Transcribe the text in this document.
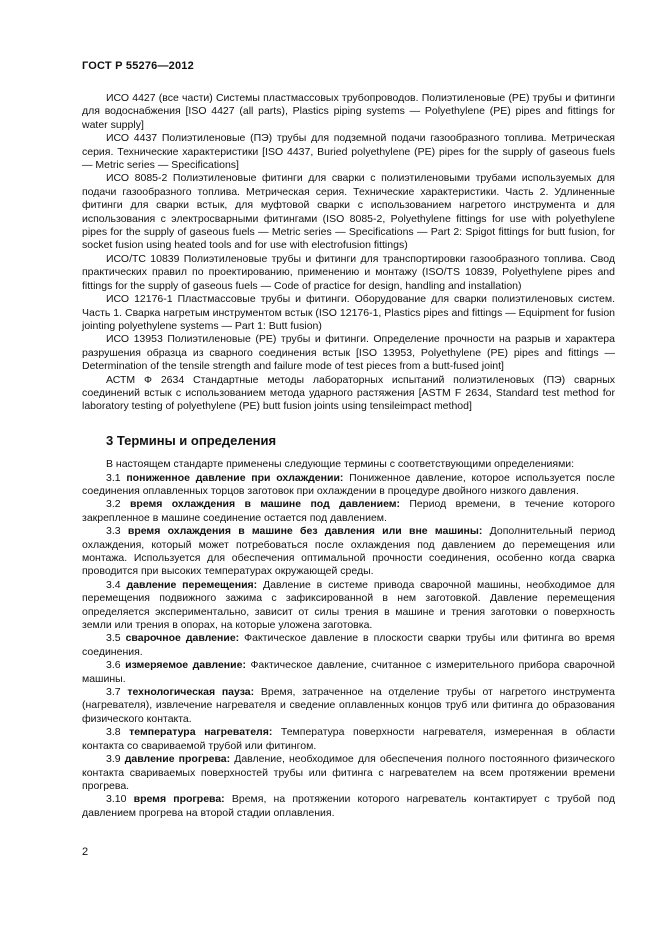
ГОСТ Р 55276—2012

ИСО 4427 (все части) Системы пластмассовых трубопроводов. Полиэтиленовые (PE) трубы и фитинги для водоснабжения [ISO 4427 (all parts), Plastics piping systems — Polyethylene (PE) pipes and fittings for water supply]

ИСО 4437 Полиэтиленовые (ПЭ) трубы для подземной подачи газообразного топлива. Метрическая серия. Технические характеристики [ISO 4437, Buried polyethylene (PE) pipes for the supply of gaseous fuels — Metric series — Specifications]

ИСО 8085-2 Полиэтиленовые фитинги для сварки с полиэтиленовыми трубами используемых для подачи газообразного топлива. Метрическая серия. Технические характеристики. Часть 2. Удлиненные фитинги для сварки встык, для муфтовой сварки с использованием нагретого инструмента и для использования с электросварными фитингами (ISO 8085-2, Polyethylene fittings for use with polyethylene pipes for the supply of gaseous fuels — Metric series — Specifications — Part 2: Spigot fittings for butt fusion, for socket fusion using heated tools and for use with electrofusion fittings)

ИСО/ТС 10839 Полиэтиленовые трубы и фитинги для транспортировки газообразного топлива. Свод практических правил по проектированию, применению и монтажу (ISO/TS 10839, Polyethylene pipes and fittings for the supply of gaseous fuels — Code of practice for design, handling and installation)

ИСО 12176-1 Пластмассовые трубы и фитинги. Оборудование для сварки полиэтиленовых систем. Часть 1. Сварка нагретым инструментом встык (ISO 12176-1, Plastics pipes and fittings — Equipment for fusion jointing polyethylene systems — Part 1: Butt fusion)

ИСО 13953 Полиэтиленовые (PE) трубы и фитинги. Определение прочности на разрыв и характера разрушения образца из сварного соединения встык [ISO 13953, Polyethylene (PE) pipes and fittings — Determination of the tensile strength and failure mode of test pieces from a butt-fused joint]

АСТМ Ф 2634 Стандартные методы лабораторных испытаний полиэтиленовых (ПЭ) сварных соединений встык с использованием метода ударного растяжения [ASTM F 2634, Standard test method for laboratory testing of polyethylene (PE) butt fusion joints using tensileimpact method]

3 Термины и определения

В настоящем стандарте применены следующие термины с соответствующими определениями:

3.1 пониженное давление при охлаждении: Пониженное давление, которое используется после соединения оплавленных торцов заготовок при охлаждении в процедуре двойного низкого давления.

3.2 время охлаждения в машине под давлением: Период времени, в течение которого закрепленное в машине соединение остается под давлением.

3.3 время охлаждения в машине без давления или вне машины: Дополнительный период охлаждения, который может потребоваться после охлаждения под давлением до перемещения или монтажа. Используется для обеспечения оптимальной прочности соединения, особенно когда сварка проводится при высоких температурах окружающей среды.

3.4 давление перемещения: Давление в системе привода сварочной машины, необходимое для перемещения подвижного зажима с зафиксированной в нем заготовкой. Давление перемещения определяется экспериментально, зависит от силы трения в машине и трения заготовки о поверхность земли или трения в опорах, на которые уложена заготовка.

3.5 сварочное давление: Фактическое давление в плоскости сварки трубы или фитинга во время соединения.

3.6 измеряемое давление: Фактическое давление, считанное с измерительного прибора сварочной машины.

3.7 технологическая пауза: Время, затраченное на отделение трубы от нагретого инструмента (нагревателя), извлечение нагревателя и сведение оплавленных концов труб или фитинга до образования физического контакта.

3.8 температура нагревателя: Температура поверхности нагревателя, измеренная в области контакта со свариваемой трубой или фитингом.

3.9 давление прогрева: Давление, необходимое для обеспечения полного постоянного физического контакта свариваемых поверхностей трубы или фитинга с нагревателем на всем протяжении времени прогрева.

3.10 время прогрева: Время, на протяжении которого нагреватель контактирует с трубой под давлением прогрева на второй стадии оплавления.

2
